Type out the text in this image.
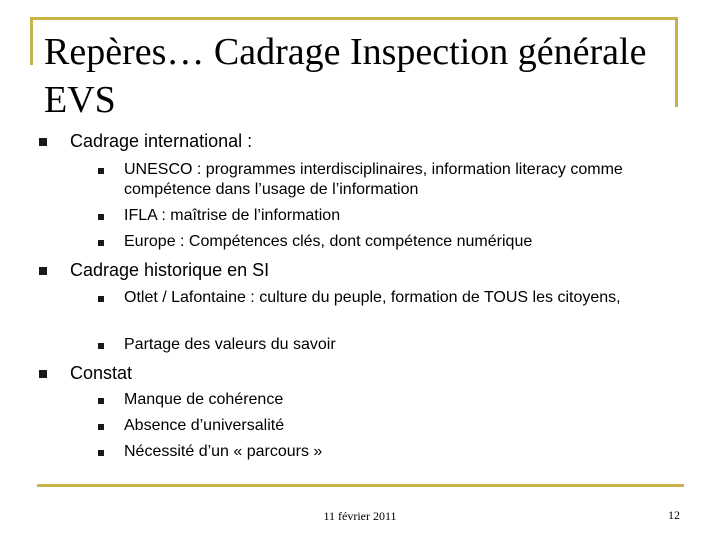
Repères… Cadrage Inspection générale EVS
Cadrage international :
UNESCO : programmes interdisciplinaires, information literacy comme compétence dans l’usage de l’information
IFLA : maîtrise de l’information
Europe : Compétences clés, dont compétence numérique
Cadrage historique en SI
Otlet / Lafontaine : culture du peuple, formation de TOUS les citoyens,
Partage des valeurs du savoir
Constat
Manque de cohérence
Absence d’universalité
Nécessité d’un « parcours »
11 février 2011	12
